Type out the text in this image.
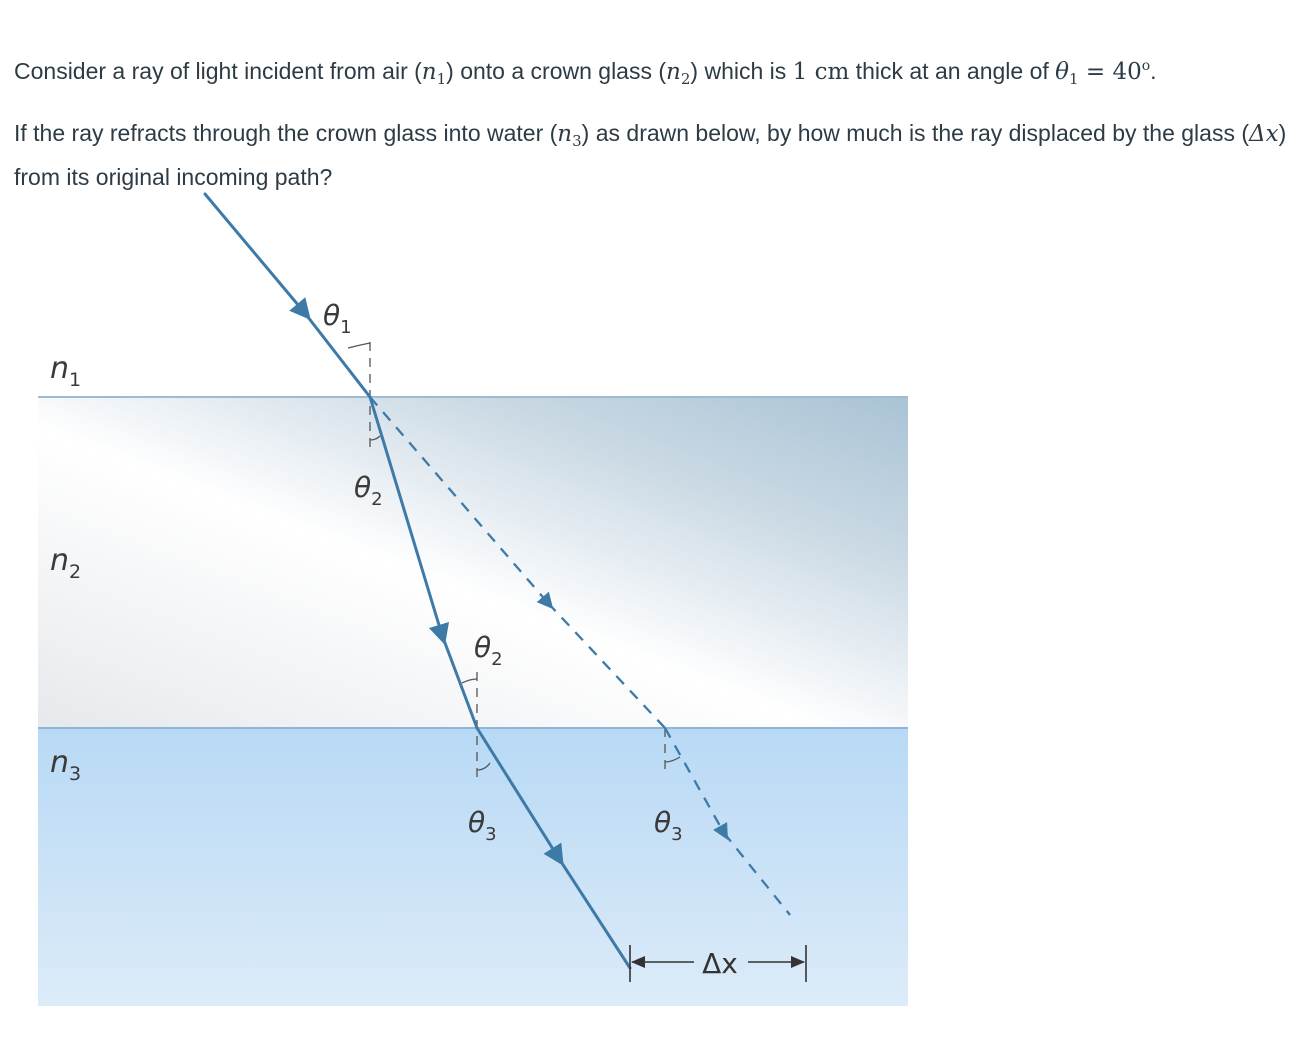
Consider a ray of light incident from air $(n_1)$ onto a crown glass $(n_2)$ which is 1 cm thick at an angle of $\theta_1 = 40^o$.

If the ray refracts through the crown glass into water $(n_3)$ as drawn below, by how much is the ray displaced by the glass (Δx) from its original incoming path?

$n_1$
$n_2$
$n_3$
$\theta_1$
$\theta_2$
$\theta_2$
$\theta_3$	$\theta_3$
Δx
